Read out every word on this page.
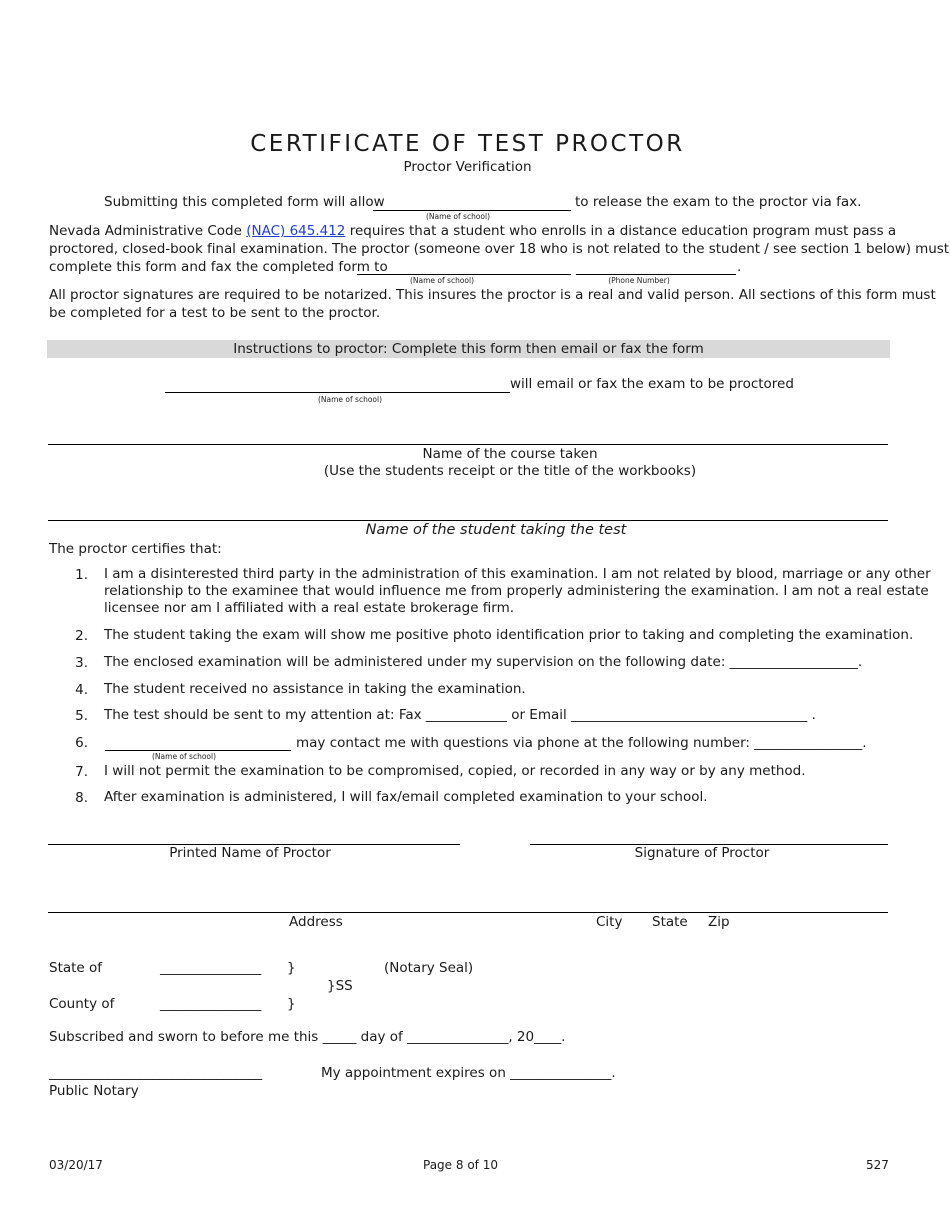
CERTIFICATE OF TEST PROCTOR
Proctor Verification
Submitting this completed form will allow
(Name of school)
to release the exam to the proctor via fax.
Nevada Administrative Code (NAC) 645.412 requires that a student who enrolls in a distance education program must pass a
proctored, closed-book final examination. The proctor (someone over 18 who is not related to the student / see section 1 below) must
complete this form and fax the completed form to
(Name of school)	(Phone Number)
.
All proctor signatures are required to be notarized. This insures the proctor is a real and valid person. All sections of this form must
be completed for a test to be sent to the proctor.
Instructions to proctor: Complete this form then email or fax the form
(Name of school)
will email or fax the exam to be proctored
Name of the course taken
(Use the students receipt or the title of the workbooks)
Name of the student taking the test
The proctor certifies that:
1. I am a disinterested third party in the administration of this examination. I am not related by blood, marriage or any other
relationship to the examinee that would influence me from properly administering the examination. I am not a real estate
licensee nor am I affiliated with a real estate brokerage firm.
2. The student taking the exam will show me positive photo identification prior to taking and completing the examination.
3. The enclosed examination will be administered under my supervision on the following date: ___________________.
4. The student received no assistance in taking the examination.
5. The test should be sent to my attention at: Fax ____________ or Email ___________________________________ .
6.
(Name of school)
may contact me with questions via phone at the following number: ________________.
7. I will not permit the examination to be compromised, copied, or recorded in any way or by any method.
8. After examination is administered, I will fax/email completed examination to your school.
Printed Name of Proctor	Signature of Proctor
Address	City State Zip
State of	_______________ }	(Notary Seal)
}SS
County of	_______________ }
Subscribed and sworn to before me this _____ day of _______________, 20____.
_________________________________	My appointment expires on _______________.
Public Notary
03/20/17	Page 8 of 10	527
